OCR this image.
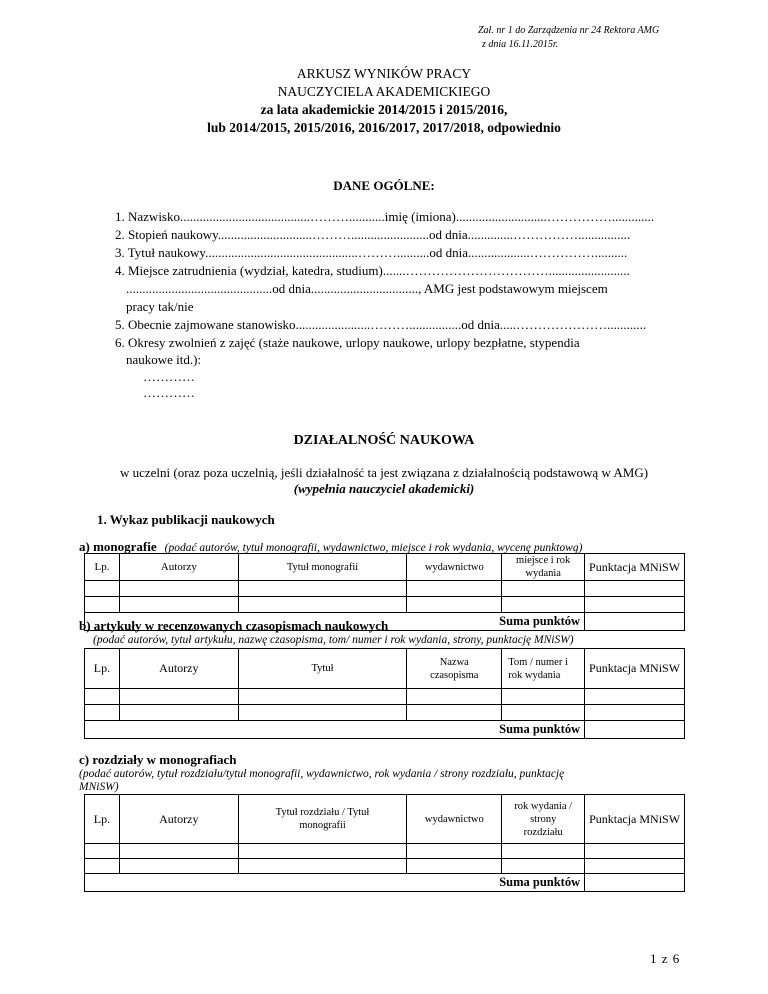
Zał. nr 1 do Zarządzenia nr 24 Rektora AMG
z dnia 16.11.2015r.
ARKUSZ WYNIKÓW PRACY
NAUCZYCIELA AKADEMICKIEGO
za lata akademickie 2014/2015 i 2015/2016,
lub 2014/2015, 2015/2016, 2016/2017, 2017/2018, odpowiednio
DANE OGÓLNE:
1. Nazwisko........................................………...........imię (imiona)............................…………….............
2. Stopień naukowy.............................………........................od dnia..............……………................
3. Tytuł naukowy...............................................………..........od dnia...................……………..........
4. Miejsce zatrudnienia (wydział, katedra, studium).......…………………………….........................
.............................................od dnia................................., AMG jest podstawowym miejscem
pracy tak/nie
5. Obecnie zajmowane stanowisko.......................………................od dnia.....…………………............
6. Okresy zwolnień z zajęć (staże naukowe, urlopy naukowe, urlopy bezpłatne, stypendia
naukowe itd.):
…………
…………
DZIAŁALNOŚĆ NAUKOWA
w uczelni (oraz poza uczelnią, jeśli działalność ta jest związana z działalnością podstawową w AMG)
(wypełnia nauczyciel akademicki)
1. Wykaz publikacji naukowych
a) monografie (podać autorów, tytuł monografii, wydawnictwo, miejsce i rok wydania, wycenę punktową)
Lp.	Autorzy	Tytuł monografii	wydawnictwo	miejsce i rok wydania	Punktacja MNiSW

Suma punktów					
b) artykuły w recenzowanych czasopismach naukowych
(podać autorów, tytuł artykułu, nazwę czasopisma, tom/ numer i rok wydania, strony, punktację MNiSW)
Lp.	Autorzy	Tytuł	Nazwa czasopisma	Tom / numer i rok wydania	Punktacja MNiSW

Suma punktów					
c) rozdziały w monografiach
(podać autorów, tytuł rozdziału/tytuł monografii, wydawnictwo, rok wydania / strony rozdziału, punktację
MNiSW)
Lp.	Autorzy	Tytuł rozdziału / Tytuł monografii	wydawnictwo	rok wydania / strony rozdziału	Punktacja MNiSW

Suma punktów					
1 z 6
